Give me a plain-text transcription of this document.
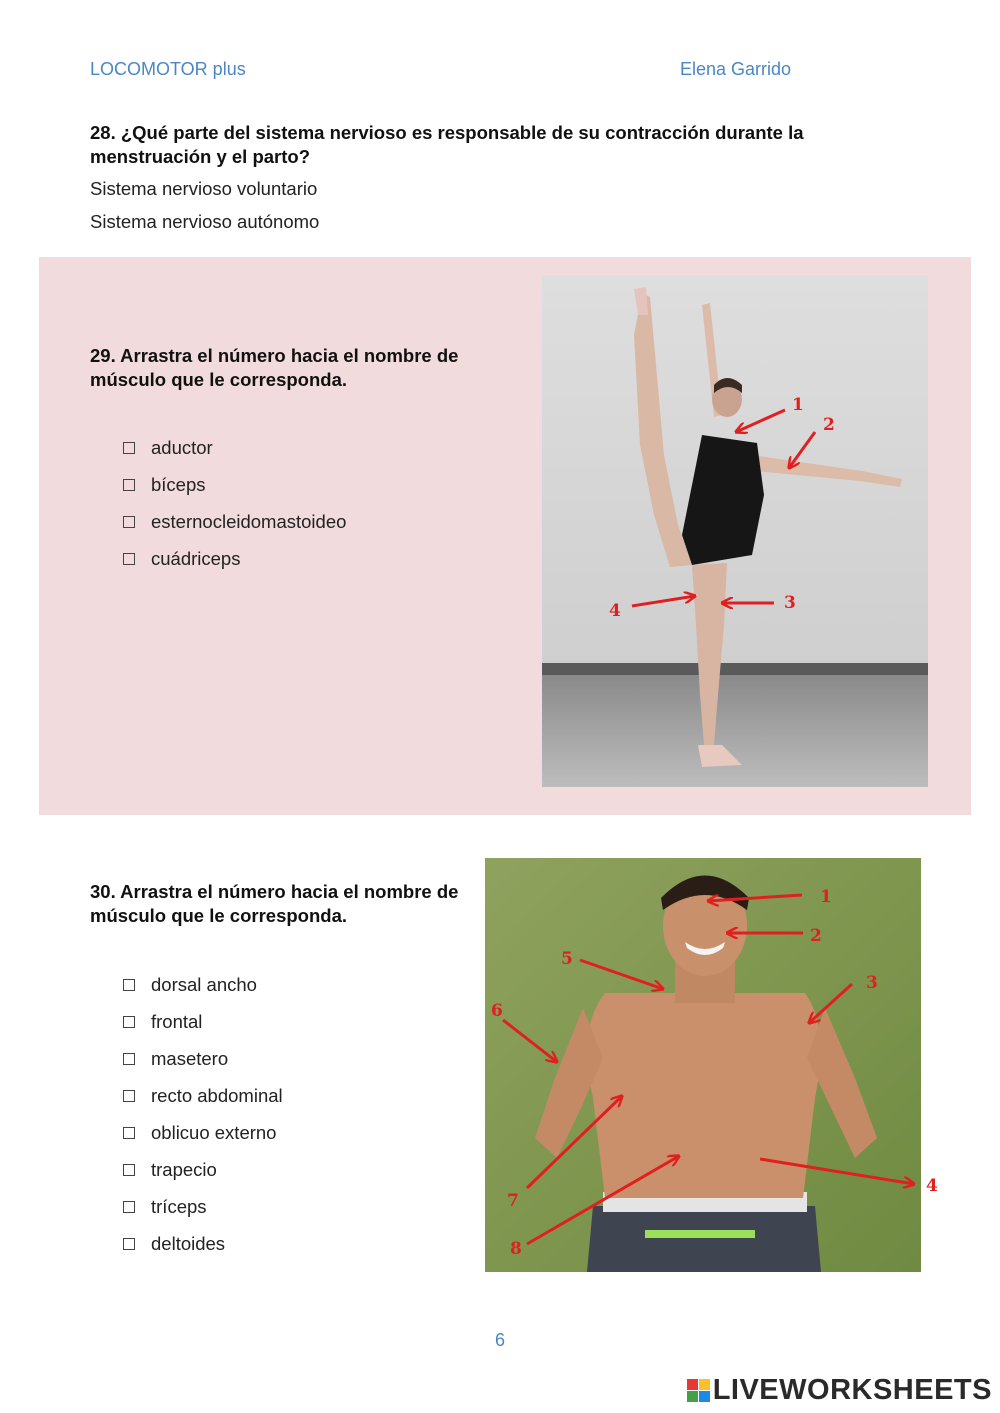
LOCOMOTOR plus	Elena Garrido
28. ¿Qué parte del sistema nervioso es responsable de su contracción durante la menstruación y el parto?
Sistema nervioso voluntario
Sistema nervioso autónomo
29. Arrastra el número hacia el nombre de músculo que le corresponda.
aductor
bíceps
esternocleidomastoideo
cuádriceps
30. Arrastra el número hacia el nombre de músculo que le corresponda.
dorsal ancho
frontal
masetero
recto abdominal
oblicuo externo
trapecio
tríceps
deltoides
1
2
3
4
1
2
3
4
5
6
7
8
6
LIVEWORKSHEETS
